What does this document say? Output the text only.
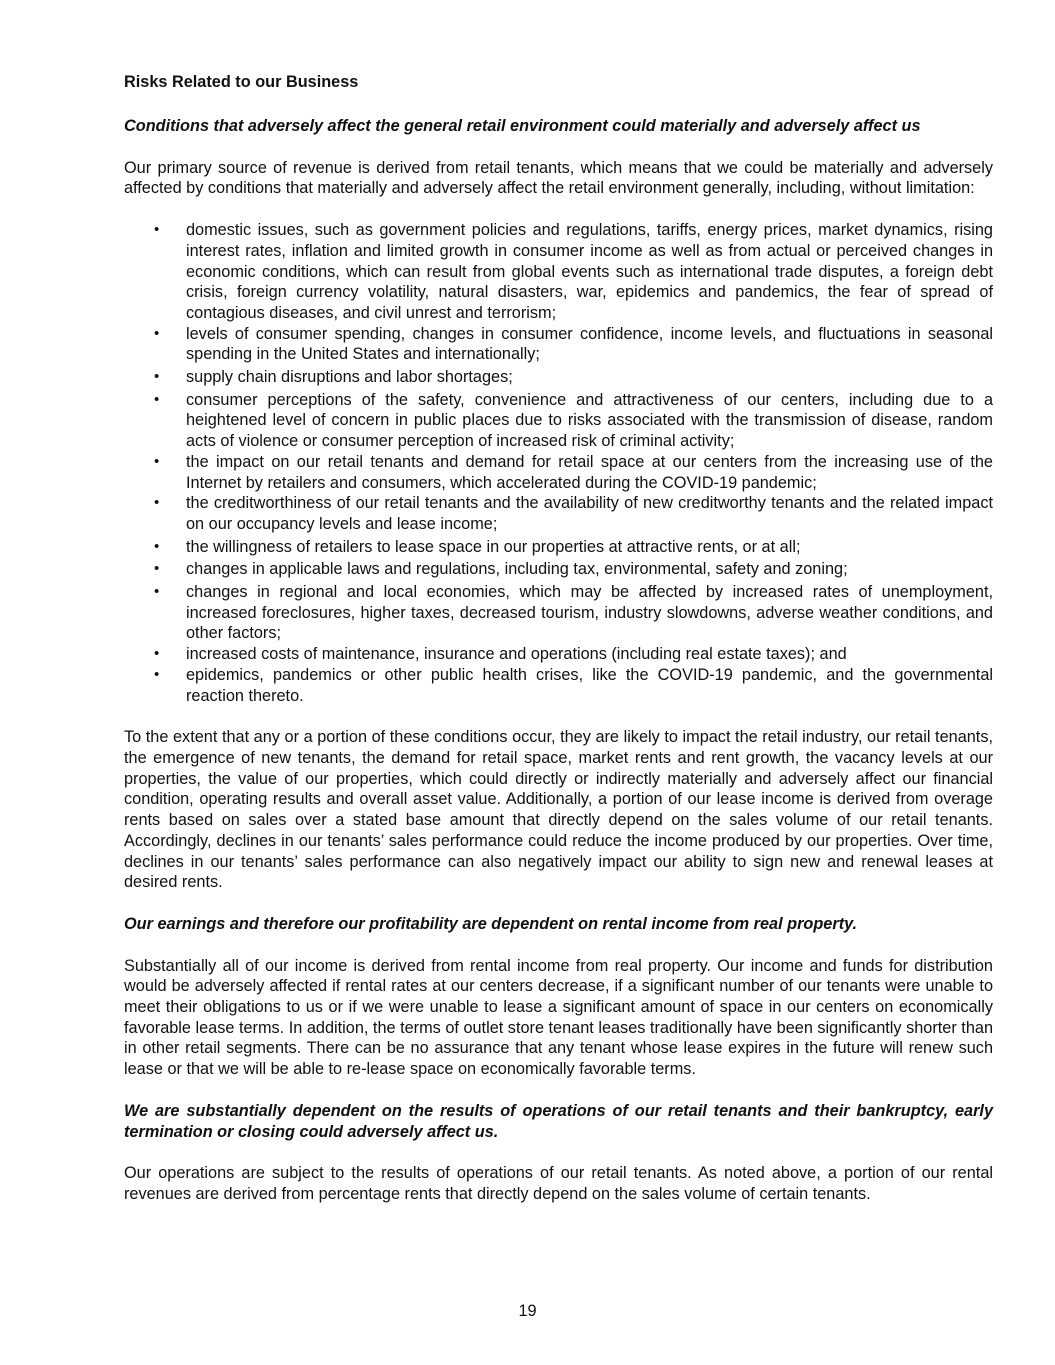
Risks Related to our Business
Conditions that adversely affect the general retail environment could materially and adversely affect us

Our primary source of revenue is derived from retail tenants, which means that we could be materially and adversely affected by conditions that materially and adversely affect the retail environment generally, including, without limitation:

• domestic issues, such as government policies and regulations, tariffs, energy prices, market dynamics, rising interest rates, inflation and limited growth in consumer income as well as from actual or perceived changes in economic conditions, which can result from global events such as international trade disputes, a foreign debt crisis, foreign currency volatility, natural disasters, war, epidemics and pandemics, the fear of spread of contagious diseases, and civil unrest and terrorism;
• levels of consumer spending, changes in consumer confidence, income levels, and fluctuations in seasonal spending in the United States and internationally;
• supply chain disruptions and labor shortages;
• consumer perceptions of the safety, convenience and attractiveness of our centers, including due to a heightened level of concern in public places due to risks associated with the transmission of disease, random acts of violence or consumer perception of increased risk of criminal activity;
• the impact on our retail tenants and demand for retail space at our centers from the increasing use of the Internet by retailers and consumers, which accelerated during the COVID-19 pandemic;
• the creditworthiness of our retail tenants and the availability of new creditworthy tenants and the related impact on our occupancy levels and lease income;
• the willingness of retailers to lease space in our properties at attractive rents, or at all;
• changes in applicable laws and regulations, including tax, environmental, safety and zoning;
• changes in regional and local economies, which may be affected by increased rates of unemployment, increased foreclosures, higher taxes, decreased tourism, industry slowdowns, adverse weather conditions, and other factors;
• increased costs of maintenance, insurance and operations (including real estate taxes); and
• epidemics, pandemics or other public health crises, like the COVID-19 pandemic, and the governmental reaction thereto.

To the extent that any or a portion of these conditions occur, they are likely to impact the retail industry, our retail tenants, the emergence of new tenants, the demand for retail space, market rents and rent growth, the vacancy levels at our properties, the value of our properties, which could directly or indirectly materially and adversely affect our financial condition, operating results and overall asset value. Additionally, a portion of our lease income is derived from overage rents based on sales over a stated base amount that directly depend on the sales volume of our retail tenants. Accordingly, declines in our tenants’ sales performance could reduce the income produced by our properties. Over time, declines in our tenants’ sales performance can also negatively impact our ability to sign new and renewal leases at desired rents.

Our earnings and therefore our profitability are dependent on rental income from real property.

Substantially all of our income is derived from rental income from real property. Our income and funds for distribution would be adversely affected if rental rates at our centers decrease, if a significant number of our tenants were unable to meet their obligations to us or if we were unable to lease a significant amount of space in our centers on economically favorable lease terms. In addition, the terms of outlet store tenant leases traditionally have been significantly shorter than in other retail segments. There can be no assurance that any tenant whose lease expires in the future will renew such lease or that we will be able to re-lease space on economically favorable terms.

We are substantially dependent on the results of operations of our retail tenants and their bankruptcy, early termination or closing could adversely affect us.

Our operations are subject to the results of operations of our retail tenants. As noted above, a portion of our rental revenues are derived from percentage rents that directly depend on the sales volume of certain tenants.

19
